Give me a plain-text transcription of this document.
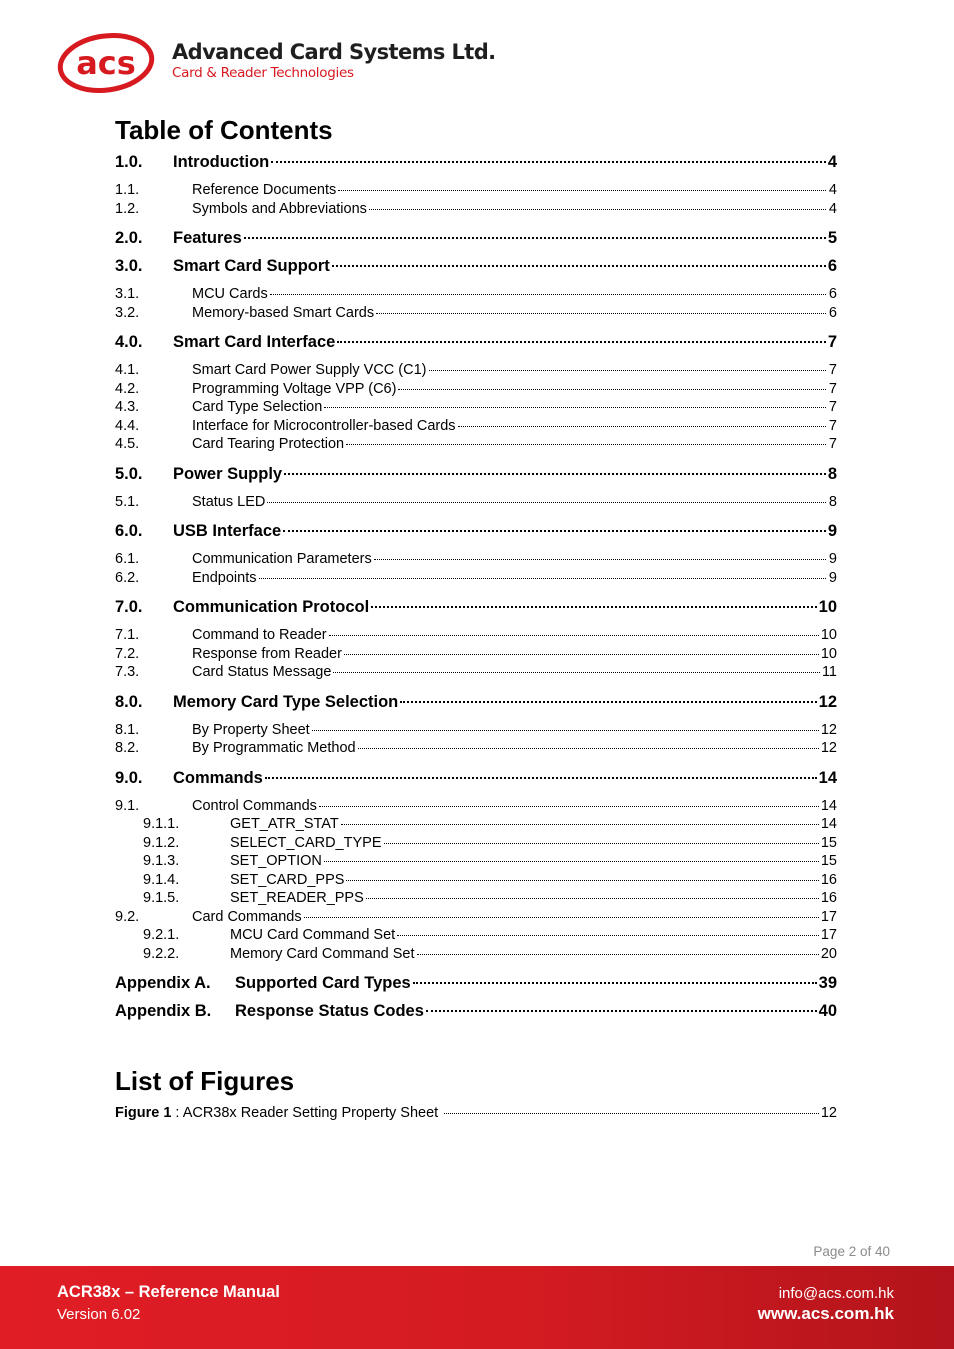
acs Advanced Card Systems Ltd.
Card & Reader Technologies
Table of Contents
1.0.	Introduction	4
1.1.	Reference Documents	4
1.2.	Symbols and Abbreviations	4
2.0.	Features	5
3.0.	Smart Card Support	6
3.1.	MCU Cards	6
3.2.	Memory-based Smart Cards	6
4.0.	Smart Card Interface	7
4.1.	Smart Card Power Supply VCC (C1)	7
4.2.	Programming Voltage VPP (C6)	7
4.3.	Card Type Selection	7
4.4.	Interface for Microcontroller-based Cards	7
4.5.	Card Tearing Protection	7
5.0.	Power Supply	8
5.1.	Status LED	8
6.0.	USB Interface	9
6.1.	Communication Parameters	9
6.2.	Endpoints	9
7.0.	Communication Protocol	10
7.1.	Command to Reader	10
7.2.	Response from Reader	10
7.3.	Card Status Message	11
8.0.	Memory Card Type Selection	12
8.1.	By Property Sheet	12
8.2.	By Programmatic Method	12
9.0.	Commands	14
9.1.	Control Commands	14
9.1.1.	GET_ATR_STAT	14
9.1.2.	SELECT_CARD_TYPE	15
9.1.3.	SET_OPTION	15
9.1.4.	SET_CARD_PPS	16
9.1.5.	SET_READER_PPS	16
9.2.	Card Commands	17
9.2.1.	MCU Card Command Set	17
9.2.2.	Memory Card Command Set	20
Appendix A.	Supported Card Types	39
Appendix B.	Response Status Codes	40
List of Figures
Figure 1 : ACR38x Reader Setting Property Sheet	12
Page 2 of 40
ACR38x – Reference Manual
Version 6.02
info@acs.com.hk
www.acs.com.hk
